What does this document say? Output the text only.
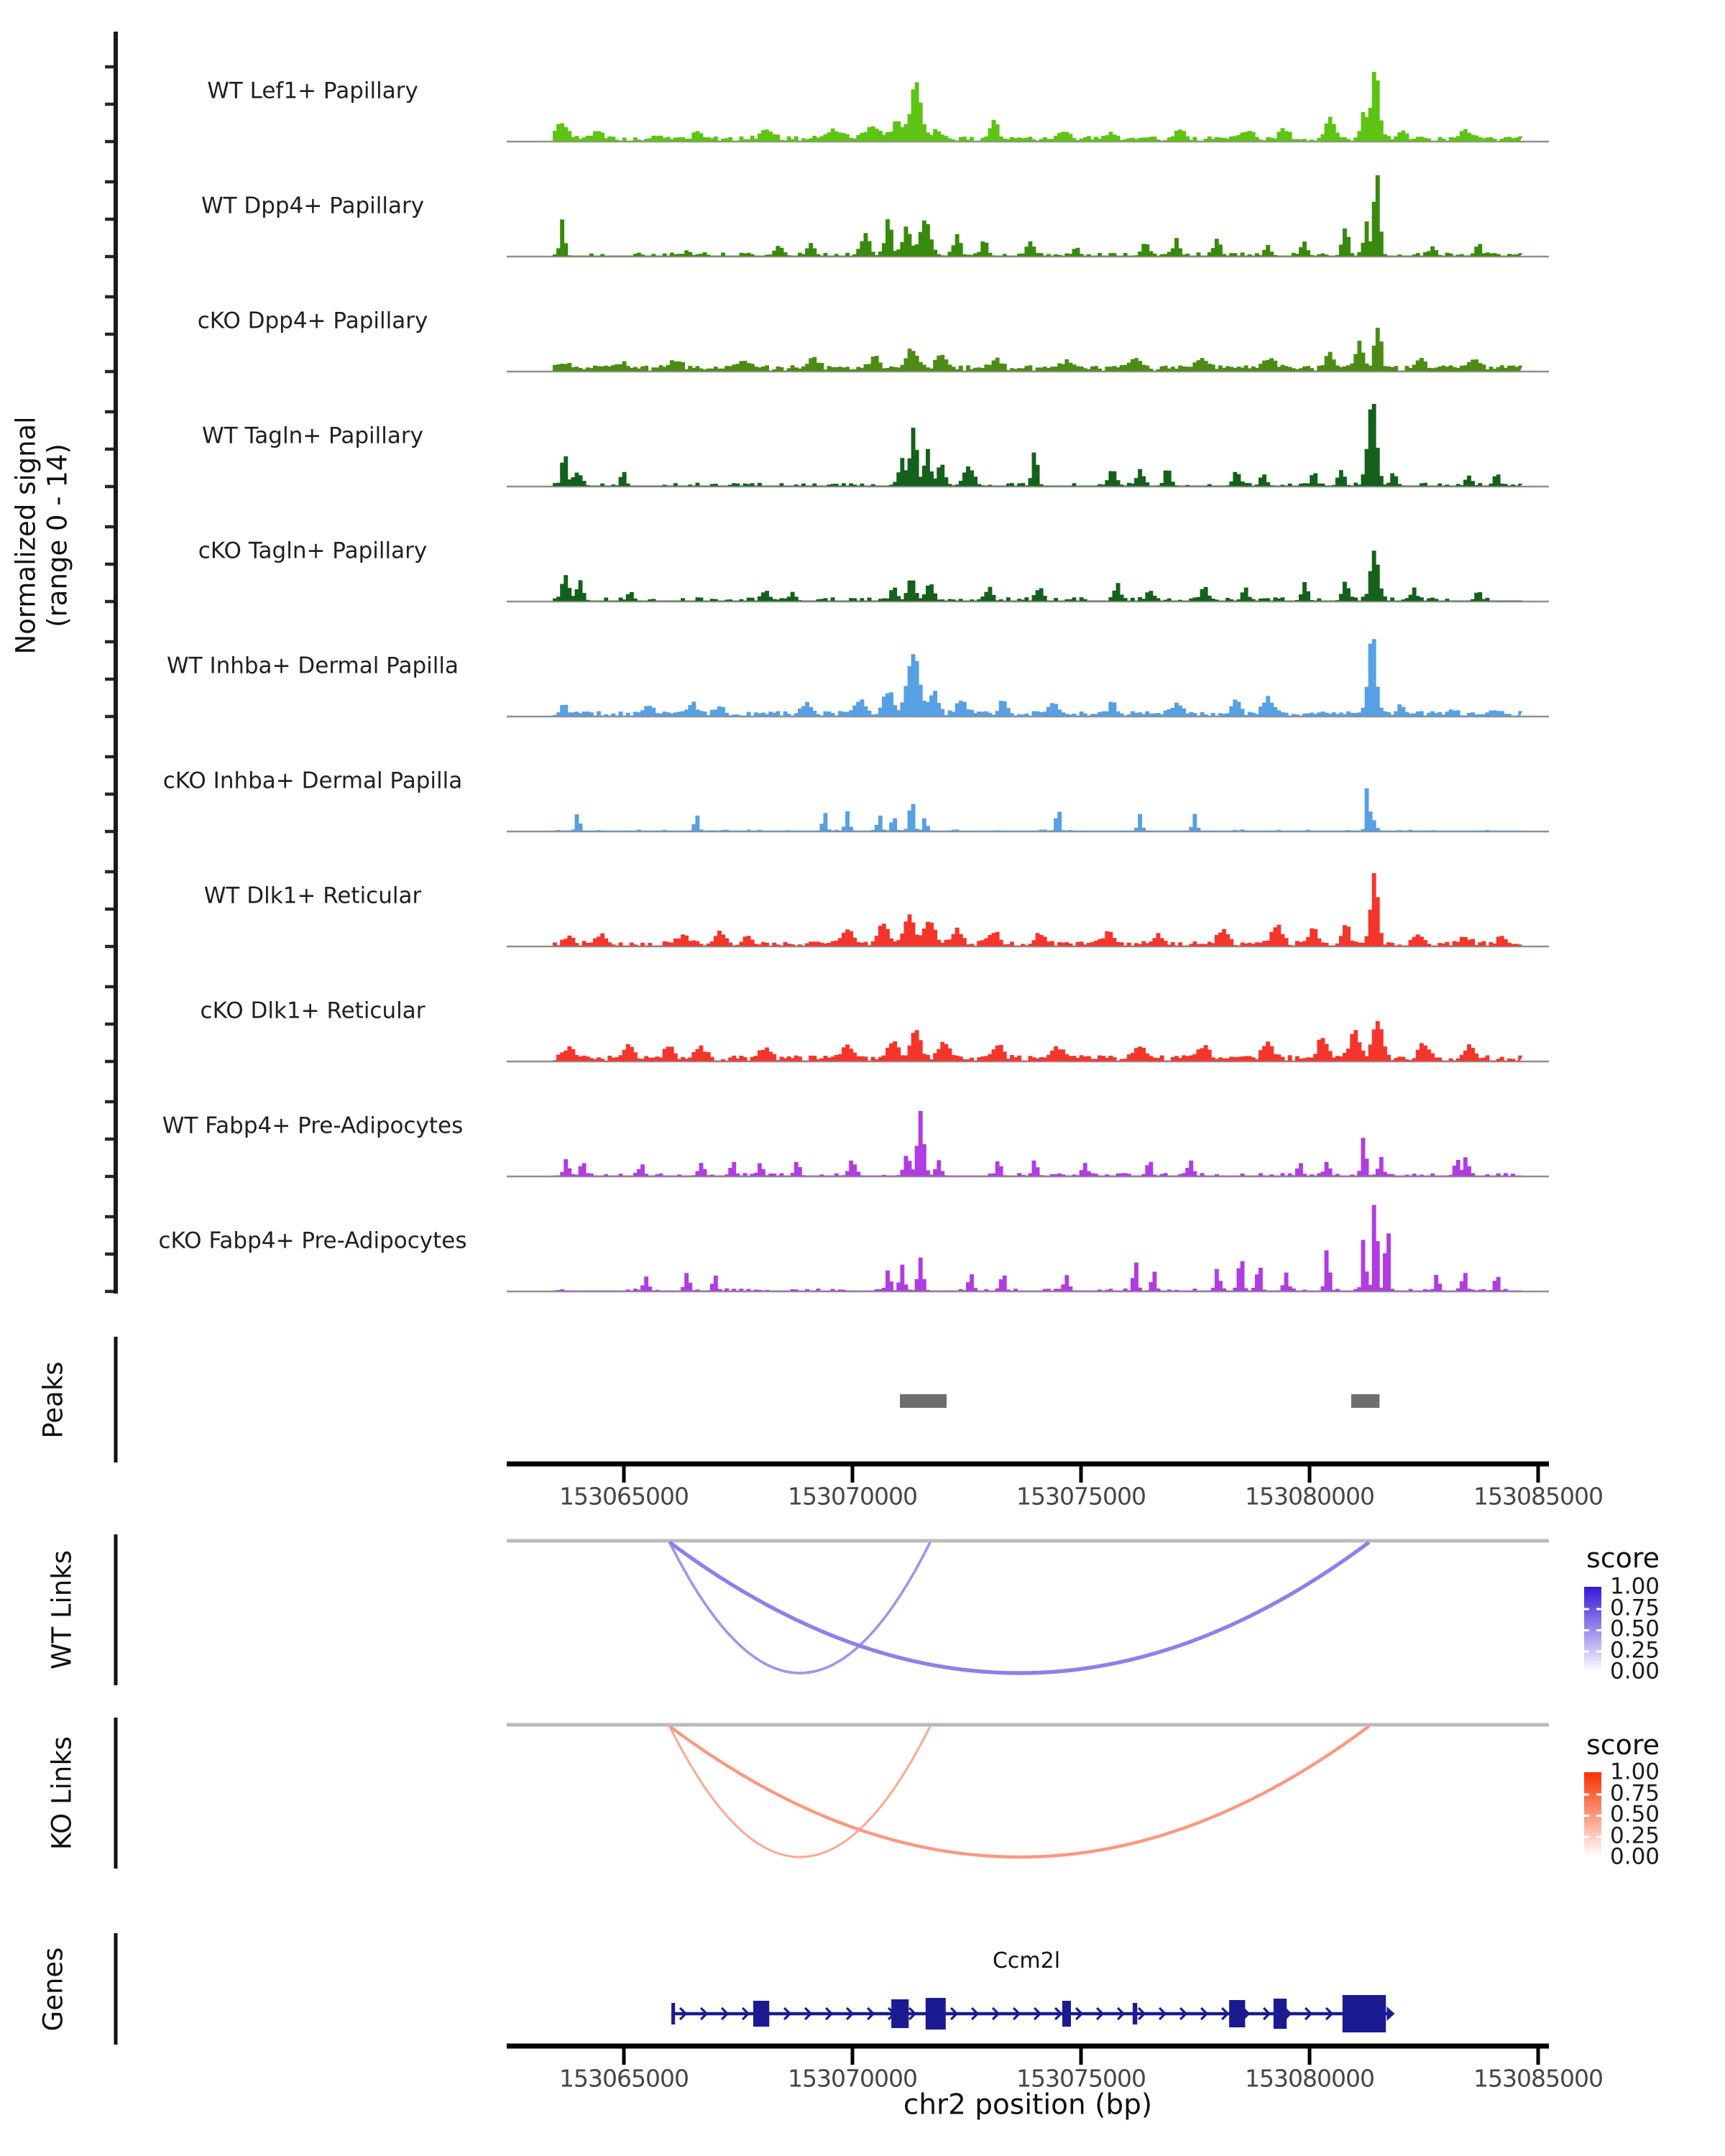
WT Lef1+ Papillary
WT Dpp4+ Papillary
cKO Dpp4+ Papillary
WT Tagln+ Papillary
cKO Tagln+ Papillary
WT Inhba+ Dermal Papilla
cKO Inhba+ Dermal Papilla
WT Dlk1+ Reticular
cKO Dlk1+ Reticular
WT Fabp4+ Pre-Adipocytes
cKO Fabp4+ Pre-Adipocytes
153065000	153070000	153075000	153080000	153085000
1.00
0.75
0.50
0.25
0.00
1.00
0.75
0.50
0.25
0.00
153065000	153070000	153075000	153080000	153085000
Normalized signal (range 0 - 14)
Peaks
WT Links
KO Links
Genes
score
score
Ccm2l
chr2 position (bp)
